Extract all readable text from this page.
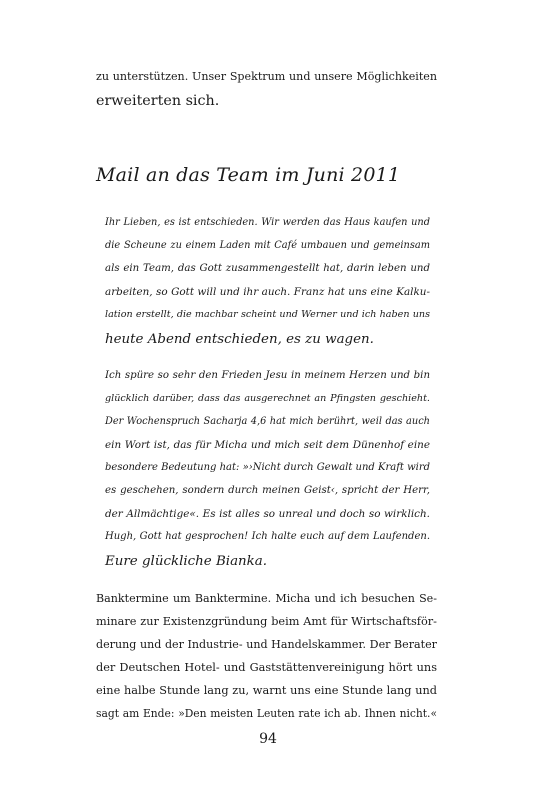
zu unterstützen. Unser Spektrum und unsere Möglichkeiten

erweiterten sich.

Mail an das Team im Juni 2011

Ihr Lieben, es ist entschieden. Wir werden das Haus kaufen und

die Scheune zu einem Laden mit Café umbauen und gemeinsam

als ein Team, das Gott zusammengestellt hat, darin leben und

arbeiten, so Gott will und ihr auch. Franz hat uns eine Kalku-

lation erstellt, die machbar scheint und Werner und ich haben uns

heute Abend entschieden, es zu wagen.

Ich spüre so sehr den Frieden Jesu in meinem Herzen und bin

glücklich darüber, dass das ausgerechnet an Pfingsten geschieht.

Der Wochenspruch Sacharja 4,6 hat mich berührt, weil das auch

ein Wort ist, das für Micha und mich seit dem Dünenhof eine

besondere Bedeutung hat: »›Nicht durch Gewalt und Kraft wird

es geschehen, sondern durch meinen Geist‹, spricht der Herr,

der Allmächtige«. Es ist alles so unreal und doch so wirklich.

Hugh, Gott hat gesprochen! Ich halte euch auf dem Laufenden.

Eure glückliche Bianka.

Banktermine um Banktermine. Micha und ich besuchen Se-

minare zur Existenzgründung beim Amt für Wirtschaftsför-

derung und der Industrie- und Handelskammer. Der Berater

der Deutschen Hotel- und Gaststättenvereinigung hört uns

eine halbe Stunde lang zu, warnt uns eine Stunde lang und

sagt am Ende: »Den meisten Leuten rate ich ab. Ihnen nicht.«

94
